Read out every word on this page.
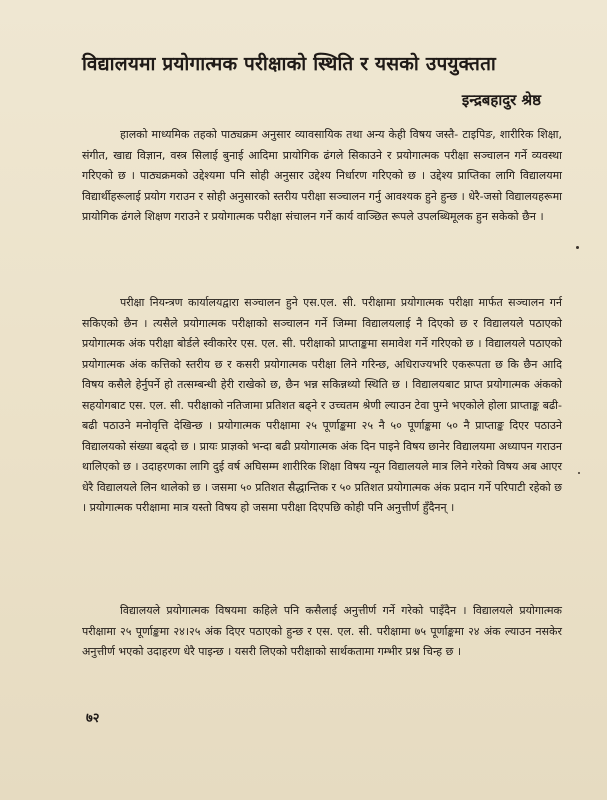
विद्यालयमा प्रयोगात्मक परीक्षाको स्थिति र यसको उपयुक्तता
इन्द्रबहादुर श्रेष्ठ
हालको माध्यमिक तहको पाठ्यक्रम अनुसार व्यावसायिक तथा अन्य केही विषय जस्तै- टाइपिङ, शारीरिक शिक्षा, संगीत, खाद्य विज्ञान, वस्त्र सिलाई बुनाई आदिमा प्रायोगिक ढंगले सिकाउने र प्रयोगात्मक परीक्षा सञ्चालन गर्ने व्यवस्था गरिएको छ । पाठ्यक्रमको उद्देश्यमा पनि सोही अनुसार उद्देश्य निर्धारण गरिएको छ । उद्देश्य प्राप्तिका लागि विद्यालयमा विद्यार्थीहरूलाई प्रयोग गराउन र सोही अनुसारको स्तरीय परीक्षा सञ्चालन गर्नु आवश्यक हुने हुन्छ । धेरै-जसो विद्यालयहरूमा प्रायोगिक ढंगले शिक्षण गराउने र प्रयोगात्मक परीक्षा संचालन गर्ने कार्य वाञ्छित रूपले उपलब्धिमूलक हुन सकेको छैन ।
परीक्षा नियन्त्रण कार्यालयद्वारा सञ्चालन हुने एस.एल. सी. परीक्षामा प्रयोगात्मक परीक्षा मार्फत सञ्चालन गर्न सकिएको छैन । त्यसैले प्रयोगात्मक परीक्षाको सञ्चालन गर्ने जिम्मा विद्यालयलाई नै दिएको छ र विद्यालयले पठाएको प्रयोगात्मक अंक परीक्षा बोर्डले स्वीकारेर एस. एल. सी. परीक्षाको प्राप्ताङ्कमा समावेश गर्ने गरिएको छ । विद्यालयले पठाएको प्रयोगात्मक अंक कत्तिको स्तरीय छ र कसरी प्रयोगात्मक परीक्षा लिने गरिन्छ, अधिराज्यभरि एकरूपता छ कि छैन आदि विषय कसैले हेर्नुपर्ने हो तत्सम्बन्धी हेरी राखेको छ, छैन भन्न सकिन्नथ्यो स्थिति छ । विद्यालयबाट प्राप्त प्रयोगात्मक अंकको सहयोगबाट एस. एल. सी. परीक्षाको नतिजामा प्रतिशत बढ्ने र उच्चतम श्रेणी ल्याउन टेवा पुग्ने भएकोले होला प्राप्ताङ्क बढी-बढी पठाउने मनोवृत्ति देखिन्छ । प्रयोगात्मक परीक्षामा २५ पूर्णाङ्कमा २५ नै ५० पूर्णाङ्कमा ५० नै प्राप्ताङ्क दिएर पठाउने विद्यालयको संख्या बढ्दो छ । प्रायः प्राज्ञको भन्दा बढी प्रयोगात्मक अंक दिन पाइने विषय छानेर विद्यालयमा अध्यापन गराउन थालिएको छ । उदाहरणका लागि दुई वर्ष अघिसम्म शारीरिक शिक्षा विषय न्यून विद्यालयले मात्र लिने गरेको विषय अब आएर धेरै विद्यालयले लिन थालेको छ । जसमा ५० प्रतिशत सैद्धान्तिक र ५० प्रतिशत प्रयोगात्मक अंक प्रदान गर्ने परिपाटी रहेको छ । प्रयोगात्मक परीक्षामा मात्र यस्तो विषय हो जसमा परीक्षा दिएपछि कोही पनि अनुत्तीर्ण हुँदैनन् ।
विद्यालयले प्रयोगात्मक विषयमा कहिले पनि कसैलाई अनुत्तीर्ण गर्ने गरेको पाइँदैन । विद्यालयले प्रयोगात्मक परीक्षामा २५ पूर्णाङ्कमा २४।२५ अंक दिएर पठाएको हुन्छ र एस. एल. सी. परीक्षामा ७५ पूर्णाङ्कमा २४ अंक ल्याउन नसकेर अनुत्तीर्ण भएको उदाहरण धेरै पाइन्छ । यसरी लिएको परीक्षाको सार्थकतामा गम्भीर प्रश्न चिन्ह छ ।
७२
